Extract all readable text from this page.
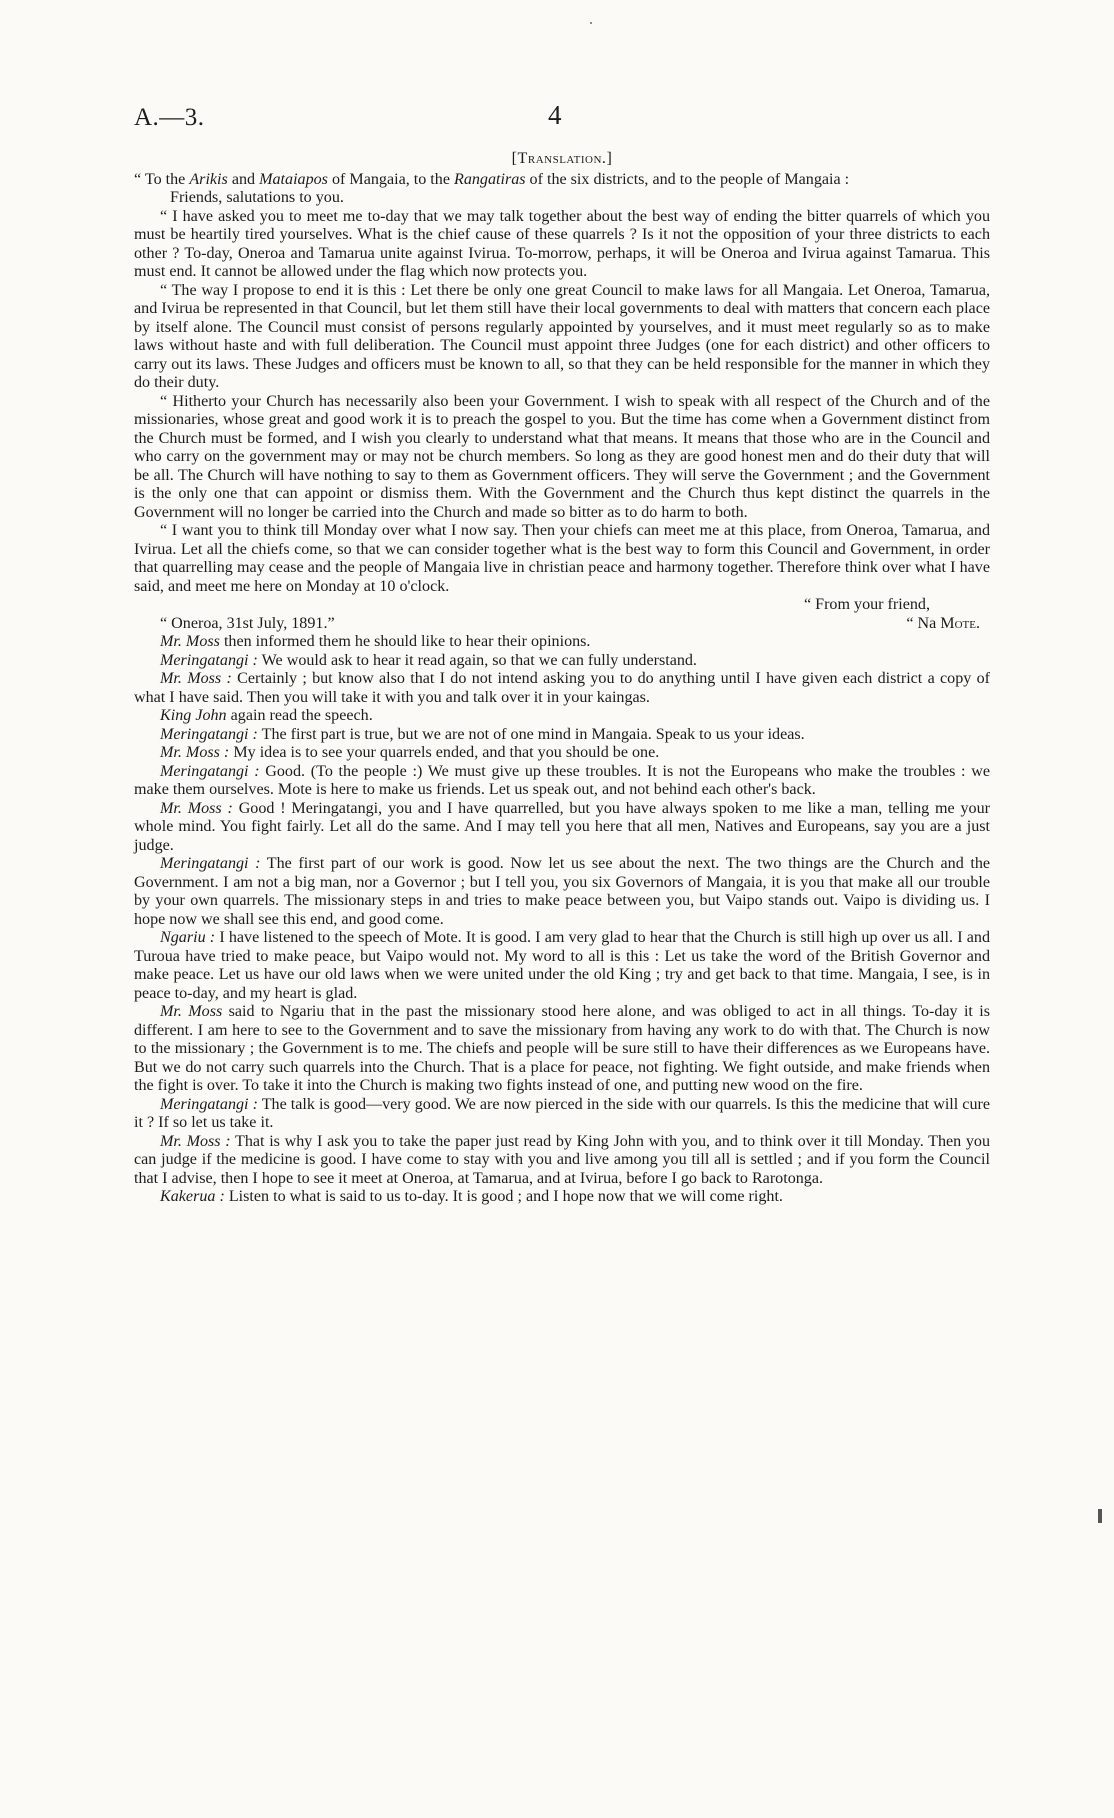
A.—3.	4
[Translation.]

“ To the Arikis and Mataiapos of Mangaia, to the Rangatiras of the six districts, and to the people of Mangaia :

Friends, salutations to you.

“ I have asked you to meet me to-day that we may talk together about the best way of ending the bitter quarrels of which you must be heartily tired yourselves. What is the chief cause of these quarrels ? Is it not the opposition of your three districts to each other ? To-day, Oneroa and Tamarua unite against Ivirua. To-morrow, perhaps, it will be Oneroa and Ivirua against Tamarua. This must end. It cannot be allowed under the flag which now protects you.

“ The way I propose to end it is this : Let there be only one great Council to make laws for all Mangaia. Let Oneroa, Tamarua, and Ivirua be represented in that Council, but let them still have their local governments to deal with matters that concern each place by itself alone. The Council must consist of persons regularly appointed by yourselves, and it must meet regularly so as to make laws without haste and with full deliberation. The Council must appoint three Judges (one for each district) and other officers to carry out its laws. These Judges and officers must be known to all, so that they can be held responsible for the manner in which they do their duty.

“ Hitherto your Church has necessarily also been your Government. I wish to speak with all respect of the Church and of the missionaries, whose great and good work it is to preach the gospel to you. But the time has come when a Government distinct from the Church must be formed, and I wish you clearly to understand what that means. It means that those who are in the Council and who carry on the government may or may not be church members. So long as they are good honest men and do their duty that will be all. The Church will have nothing to say to them as Government officers. They will serve the Government ; and the Government is the only one that can appoint or dismiss them. With the Government and the Church thus kept distinct the quarrels in the Government will no longer be carried into the Church and made so bitter as to do harm to both.

“ I want you to think till Monday over what I now say. Then your chiefs can meet me at this place, from Oneroa, Tamarua, and Ivirua. Let all the chiefs come, so that we can consider together what is the best way to form this Council and Government, in order that quarrelling may cease and the people of Mangaia live in christian peace and harmony together. Therefore think over what I have said, and meet me here on Monday at 10 o'clock.

“ From your friend,

“ Oneroa, 31st July, 1891.”	“ Na Mote.

Mr. Moss then informed them he should like to hear their opinions.

Meringatangi : We would ask to hear it read again, so that we can fully understand.

Mr. Moss : Certainly ; but know also that I do not intend asking you to do anything until I have given each district a copy of what I have said. Then you will take it with you and talk over it in your kaingas.

King John again read the speech.

Meringatangi : The first part is true, but we are not of one mind in Mangaia. Speak to us your ideas.

Mr. Moss : My idea is to see your quarrels ended, and that you should be one.

Meringatangi : Good. (To the people :) We must give up these troubles. It is not the Europeans who make the troubles : we make them ourselves. Mote is here to make us friends. Let us speak out, and not behind each other's back.

Mr. Moss : Good ! Meringatangi, you and I have quarrelled, but you have always spoken to me like a man, telling me your whole mind. You fight fairly. Let all do the same. And I may tell you here that all men, Natives and Europeans, say you are a just judge.

Meringatangi : The first part of our work is good. Now let us see about the next. The two things are the Church and the Government. I am not a big man, nor a Governor ; but I tell you, you six Governors of Mangaia, it is you that make all our trouble by your own quarrels. The missionary steps in and tries to make peace between you, but Vaipo stands out. Vaipo is dividing us. I hope now we shall see this end, and good come.

Ngariu : I have listened to the speech of Mote. It is good. I am very glad to hear that the Church is still high up over us all. I and Turoua have tried to make peace, but Vaipo would not. My word to all is this : Let us take the word of the British Governor and make peace. Let us have our old laws when we were united under the old King ; try and get back to that time. Mangaia, I see, is in peace to-day, and my heart is glad.

Mr. Moss said to Ngariu that in the past the missionary stood here alone, and was obliged to act in all things. To-day it is different. I am here to see to the Government and to save the missionary from having any work to do with that. The Church is now to the missionary ; the Government is to me. The chiefs and people will be sure still to have their differences as we Europeans have. But we do not carry such quarrels into the Church. That is a place for peace, not fighting. We fight outside, and make friends when the fight is over. To take it into the Church is making two fights instead of one, and putting new wood on the fire.

Meringatangi : The talk is good—very good. We are now pierced in the side with our quarrels. Is this the medicine that will cure it ? If so let us take it.

Mr. Moss : That is why I ask you to take the paper just read by King John with you, and to think over it till Monday. Then you can judge if the medicine is good. I have come to stay with you and live among you till all is settled ; and if you form the Council that I advise, then I hope to see it meet at Oneroa, at Tamarua, and at Ivirua, before I go back to Rarotonga.

Kakerua : Listen to what is said to us to-day. It is good ; and I hope now that we will come right.
